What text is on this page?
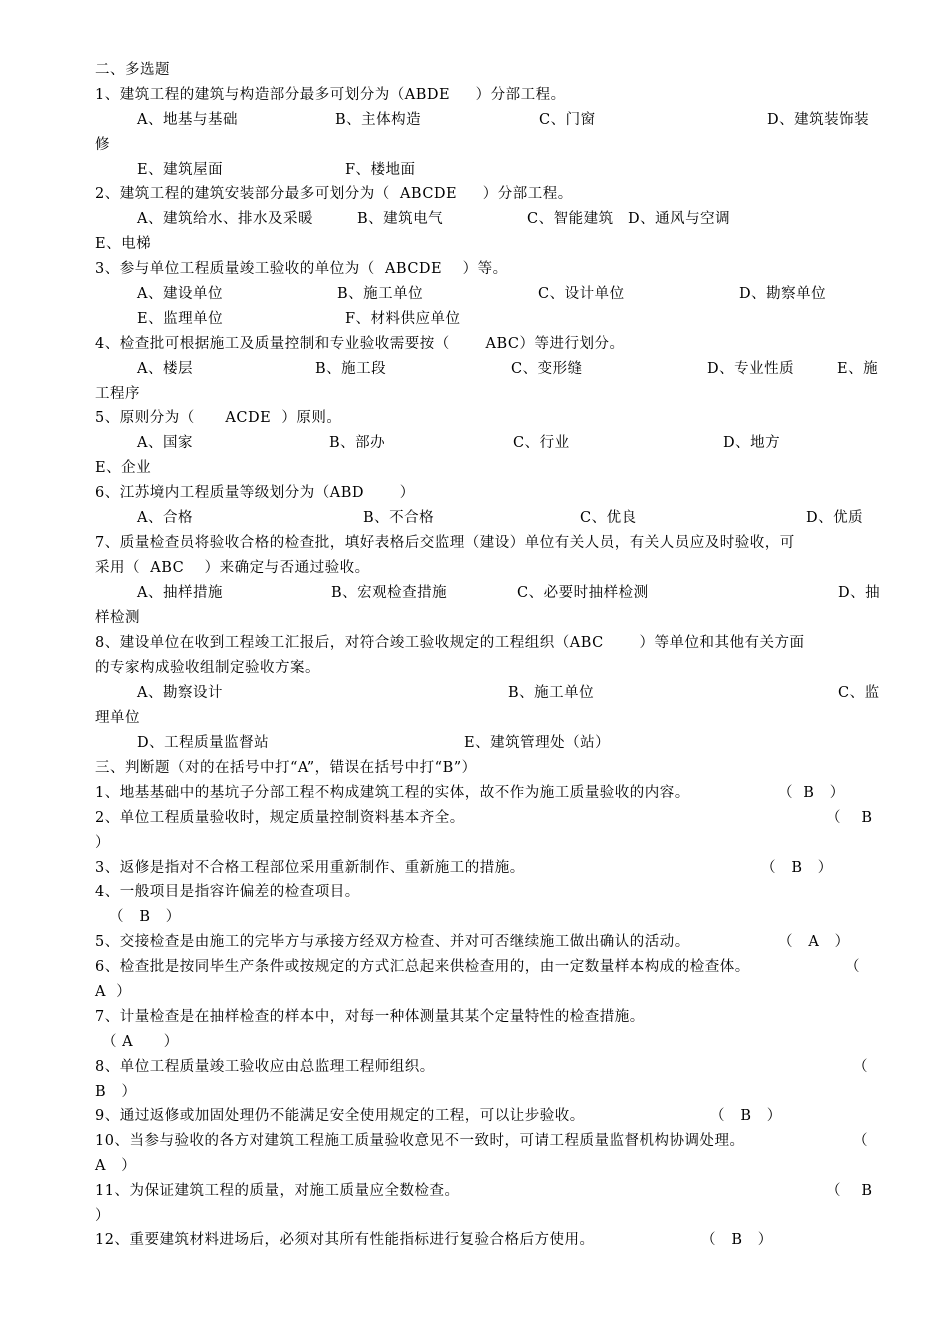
二、多选题
1、建筑工程的建筑与构造部分最多可划分为（ABDE     ）分部工程。

A、地基与基础

	B、主体构造

	C、门窗

	D、建筑装饰装

修

E、建筑屋面

	F、楼地面

2、建筑工程的建筑安装部分最多可划分为（  ABCDE     ）分部工程。

A、建筑给水、排水及采暖

	B、建筑电气

	C、智能建筑

D、通风与空调

E、电梯
3、参与单位工程质量竣工验收的单位为（  ABCDE    ）等。

A、建设单位

	B、施工单位

	C、设计单位

	D、勘察单位

E、监理单位

	F、材料供应单位

4、检查批可根据施工及质量控制和专业验收需要按（       ABC）等进行划分。

A、楼层

	B、施工段

	C、变形缝

	D、专业性质

	E、施

工程序
5、原则分为（      ACDE  ）原则。

A、国家

	B、部办

	C、行业

	D、地方

E、企业
6、江苏境内工程质量等级划分为（ABD       ）

A、合格

	B、不合格

	C、优良

	D、优质

7、质量检查员将验收合格的检查批，填好表格后交监理（建设）单位有关人员，有关人员应及时验收，可
采用（  ABC    ）来确定与否通过验收。

A、抽样措施

	B、宏观检查措施

	C、必要时抽样检测

	D、抽

样检测
8、建设单位在收到工程竣工汇报后，对符合竣工验收规定的工程组织（ABC       ）等单位和其他有关方面
的专家构成验收组制定验收方案。

A、勘察设计

	B、施工单位

	C、监

理单位

D、工程质量监督站

	E、建筑管理处（站）

三、判断题（对的在括号中打“A”，错误在括号中打“B”）

1、地基基础中的基坑子分部工程不构成建筑工程的实体，故不作为施工质量验收的内容。

	（  B   ）

2、单位工程质量验收时，规定质量控制资料基本齐全。

	（    B

）

3、返修是指对不合格工程部位采用重新制作、重新施工的措施。

	（   B   ）

4、一般项目是指容许偏差的检查项目。
（   B   ）

5、交接检查是由施工的完毕方与承接方经双方检查、并对可否继续施工做出确认的活动。

	（   A   ）

6、检查批是按同毕生产条件或按规定的方式汇总起来供检查用的，由一定数量样本构成的检查体。

	（

A  ）
7、计量检查是在抽样检查的样本中，对每一种体测量其某个定量特性的检查措施。
（ A      ）

8、单位工程质量竣工验收应由总监理工程师组织。

	（

B   ）

9、通过返修或加固处理仍不能满足安全使用规定的工程，可以让步验收。

	（   B   ）

10、当参与验收的各方对建筑工程施工质量验收意见不一致时，可请工程质量监督机构协调处理。

	（

A   ）

11、为保证建筑工程的质量，对施工质量应全数检查。

	（    B

）

12、重要建筑材料进场后，必须对其所有性能指标进行复验合格后方使用。

	（   B   ）
